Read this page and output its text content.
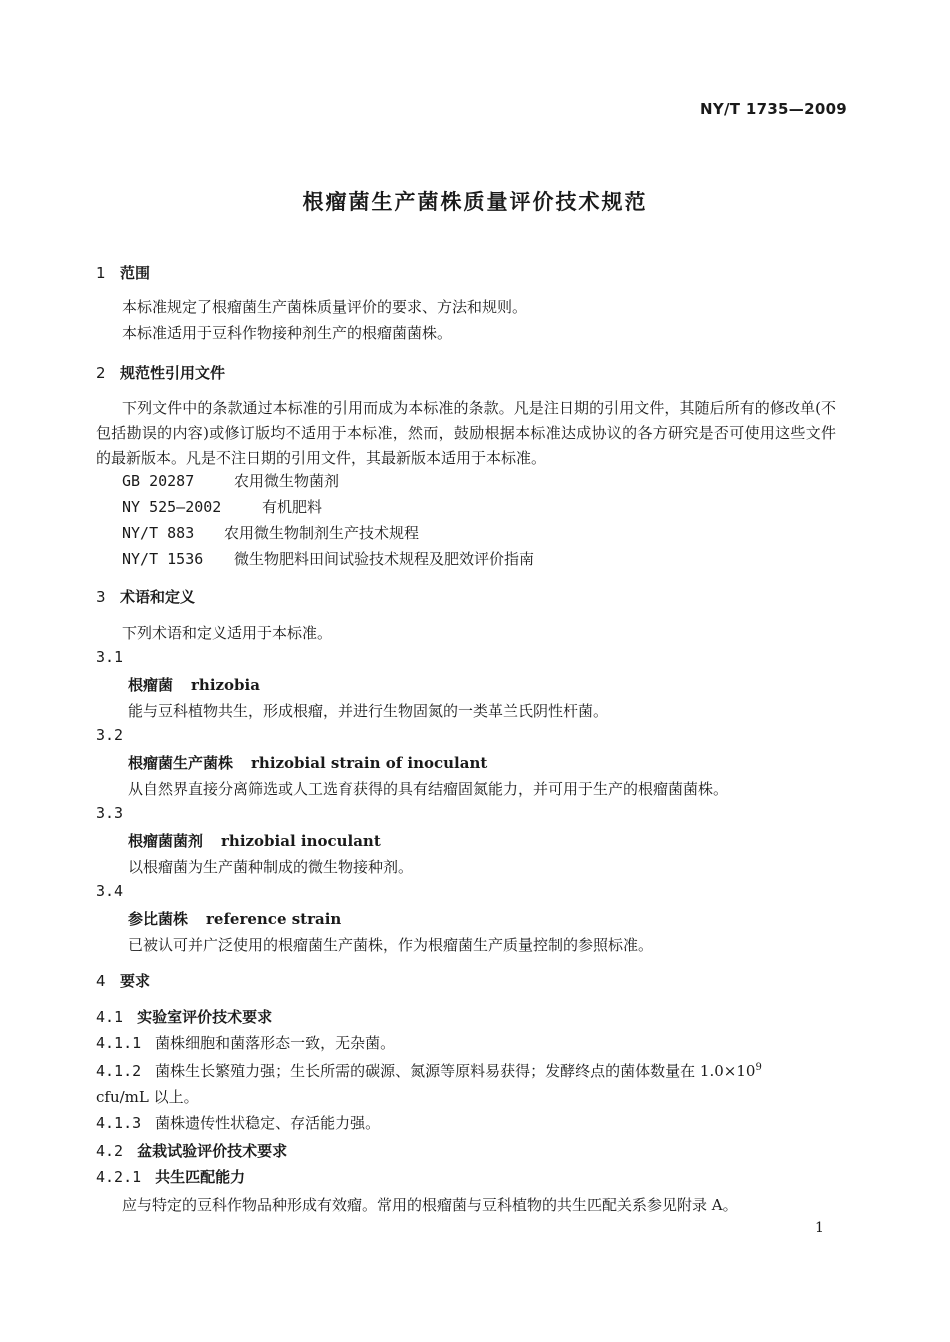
NY/T 1735—2009
根瘤菌生产菌株质量评价技术规范
1 范围
本标准规定了根瘤菌生产菌株质量评价的要求、方法和规则。
本标准适用于豆科作物接种剂生产的根瘤菌菌株。
2 规范性引用文件
下列文件中的条款通过本标准的引用而成为本标准的条款。凡是注日期的引用文件，其随后所有的修改单(不包括勘误的内容)或修订版均不适用于本标准，然而，鼓励根据本标准达成协议的各方研究是否可使用这些文件的最新版本。凡是不注日期的引用文件，其最新版本适用于本标准。
GB 20287	农用微生物菌剂
NY 525—2002	有机肥料
NY/T 883 农用微生物制剂生产技术规程
NY/T 1536 微生物肥料田间试验技术规程及肥效评价指南
3 术语和定义
下列术语和定义适用于本标准。
3.1
根瘤菌 rhizobia
能与豆科植物共生，形成根瘤，并进行生物固氮的一类革兰氏阴性杆菌。
3.2
根瘤菌生产菌株 rhizobial strain of inoculant
从自然界直接分离筛选或人工选育获得的具有结瘤固氮能力，并可用于生产的根瘤菌菌株。
3.3
根瘤菌菌剂 rhizobial inoculant
以根瘤菌为生产菌种制成的微生物接种剂。
3.4
参比菌株 reference strain
已被认可并广泛使用的根瘤菌生产菌株，作为根瘤菌生产质量控制的参照标准。
4 要求
4.1 实验室评价技术要求
4.1.1 菌株细胞和菌落形态一致，无杂菌。
4.1.2 菌株生长繁殖力强；生长所需的碳源、氮源等原料易获得；发酵终点的菌体数量在 $1.0\times 10^9$
cfu/mL 以上。
4.1.3 菌株遗传性状稳定、存活能力强。
4.2 盆栽试验评价技术要求
4.2.1 共生匹配能力
应与特定的豆科作物品种形成有效瘤。常用的根瘤菌与豆科植物的共生匹配关系参见附录 A。
1
